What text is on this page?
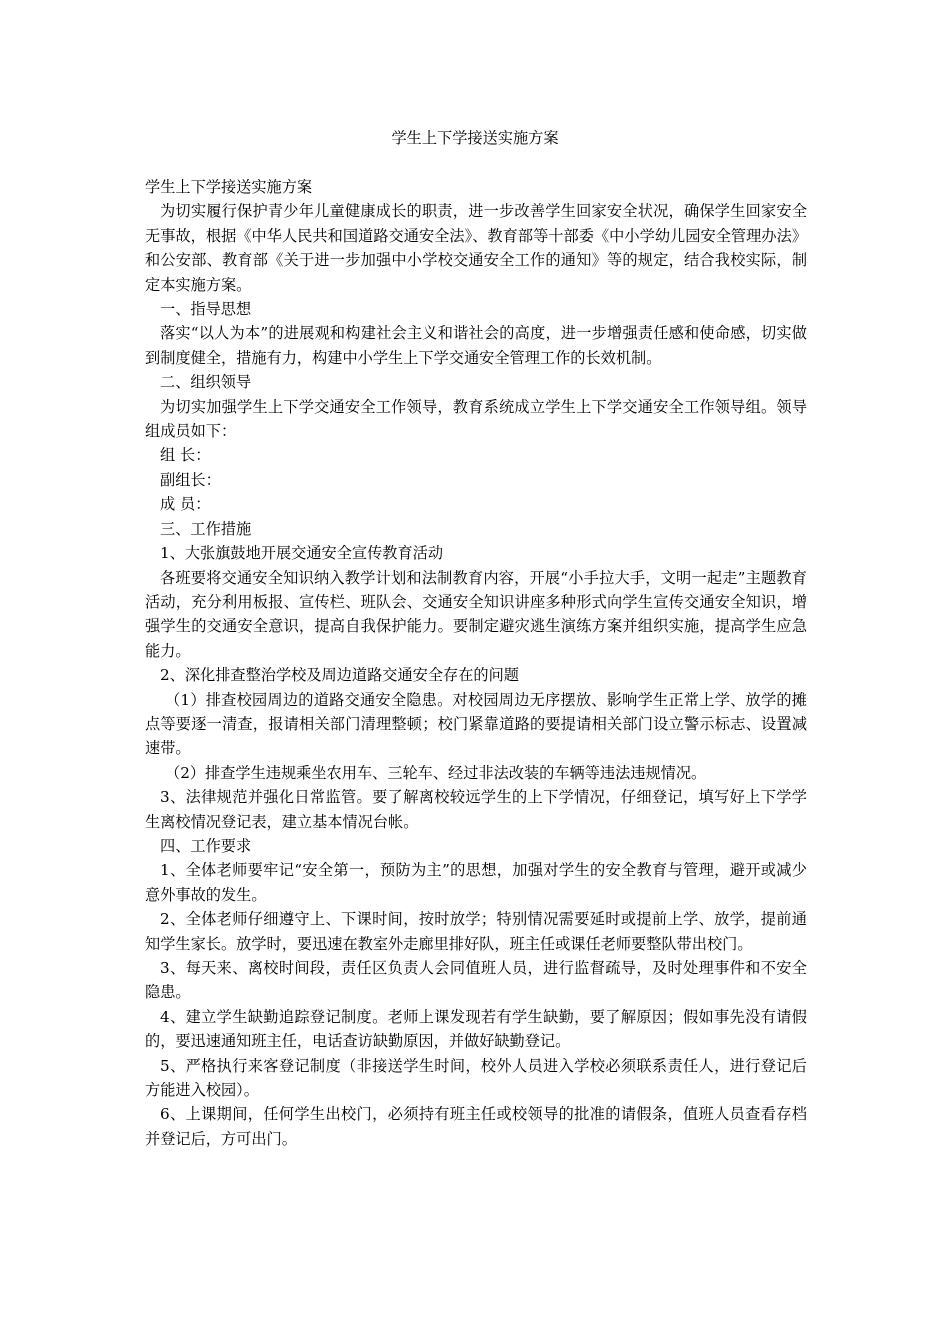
学生上下学接送实施方案

学生上下学接送实施方案

为切实履行保护青少年儿童健康成长的职责，进一步改善学生回家安全状况，确保学生回家安全无事故，根据《中华人民共和国道路交通安全法》、教育部等十部委《中小学幼儿园安全管理办法》和公安部、教育部《关于进一步加强中小学校交通安全工作的通知》等的规定，结合我校实际，制定本实施方案。

一、指导思想

落实“以人为本”的进展观和构建社会主义和谐社会的高度，进一步增强责任感和使命感，切实做到制度健全，措施有力，构建中小学生上下学交通安全管理工作的长效机制。

二、组织领导

为切实加强学生上下学交通安全工作领导，教育系统成立学生上下学交通安全工作领导组。领导组成员如下：

组 长：

副组长：

成 员：

三、工作措施

1、大张旗鼓地开展交通安全宣传教育活动

各班要将交通安全知识纳入教学计划和法制教育内容，开展“小手拉大手，文明一起走”主题教育活动，充分利用板报、宣传栏、班队会、交通安全知识讲座多种形式向学生宣传交通安全知识，增强学生的交通安全意识，提高自我保护能力。要制定避灾逃生演练方案并组织实施，提高学生应急能力。

2、深化排查整治学校及周边道路交通安全存在的问题

（1）排查校园周边的道路交通安全隐患。对校园周边无序摆放、影响学生正常上学、放学的摊点等要逐一清查，报请相关部门清理整顿；校门紧靠道路的要提请相关部门设立警示标志、设置减速带。

（2）排查学生违规乘坐农用车、三轮车、经过非法改装的车辆等违法违规情况。

3、法律规范并强化日常监管。要了解离校较远学生的上下学情况，仔细登记，填写好上下学学生离校情况登记表，建立基本情况台帐。

四、工作要求

1、全体老师要牢记“安全第一，预防为主”的思想，加强对学生的安全教育与管理，避开或减少意外事故的发生。

2、全体老师仔细遵守上、下课时间，按时放学；特别情况需要延时或提前上学、放学，提前通知学生家长。放学时，要迅速在教室外走廊里排好队，班主任或课任老师要整队带出校门。

3、每天来、离校时间段，责任区负责人会同值班人员，进行监督疏导，及时处理事件和不安全隐患。

4、建立学生缺勤追踪登记制度。老师上课发现若有学生缺勤，要了解原因；假如事先没有请假的，要迅速通知班主任，电话查访缺勤原因，并做好缺勤登记。

5、严格执行来客登记制度（非接送学生时间，校外人员进入学校必须联系责任人，进行登记后方能进入校园）。

6、上课期间，任何学生出校门，必须持有班主任或校领导的批准的请假条，值班人员查看存档并登记后，方可出门。
